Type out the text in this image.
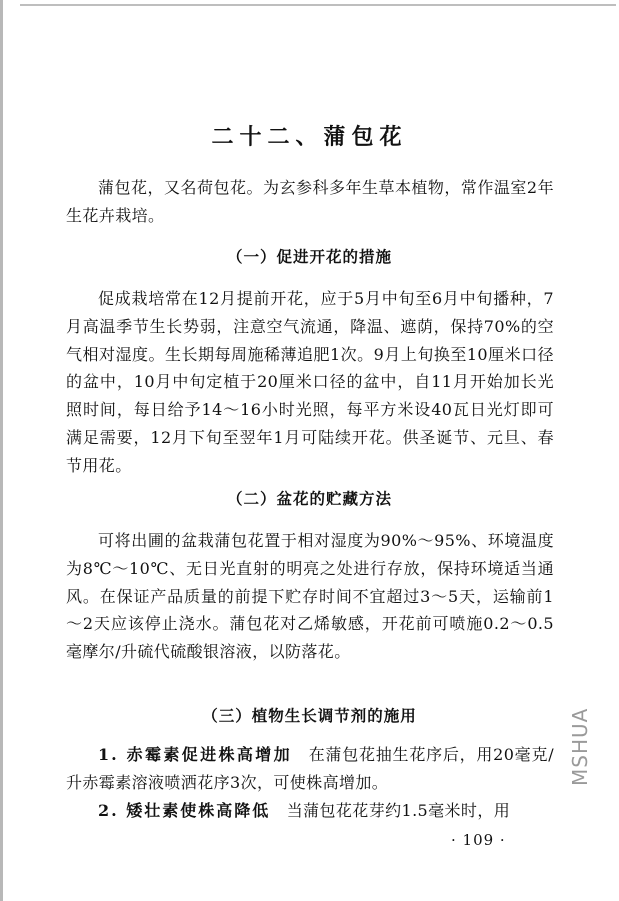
二十二、蒲包花

蒲包花，又名荷包花。为玄参科多年生草本植物，常作温室2年生花卉栽培。

（一）促进开花的措施

促成栽培常在12月提前开花，应于5月中旬至6月中旬播种，7月高温季节生长势弱，注意空气流通，降温、遮荫，保持70%的空气相对湿度。生长期每周施稀薄追肥1次。9月上旬换至10厘米口径的盆中，10月中旬定植于20厘米口径的盆中，自11月开始加长光照时间，每日给予14～16小时光照，每平方米设40瓦日光灯即可满足需要，12月下旬至翌年1月可陆续开花。供圣诞节、元旦、春节用花。

（二）盆花的贮藏方法

可将出圃的盆栽蒲包花置于相对湿度为90%～95%、环境温度为8℃～10℃、无日光直射的明亮之处进行存放，保持环境适当通风。在保证产品质量的前提下贮存时间不宜超过3～5天，运输前1～2天应该停止浇水。蒲包花对乙烯敏感，开花前可喷施0.2～0.5毫摩尔/升硫代硫酸银溶液，以防落花。

（三）植物生长调节剂的施用

1. 赤霉素促进株高增加　 在蒲包花抽生花序后，用20毫克/升赤霉素溶液喷洒花序3次，可使株高增加。

2. 矮壮素使株高降低　 当蒲包花花芽约1.5毫米时，用

· 109 ·
MSHUA
